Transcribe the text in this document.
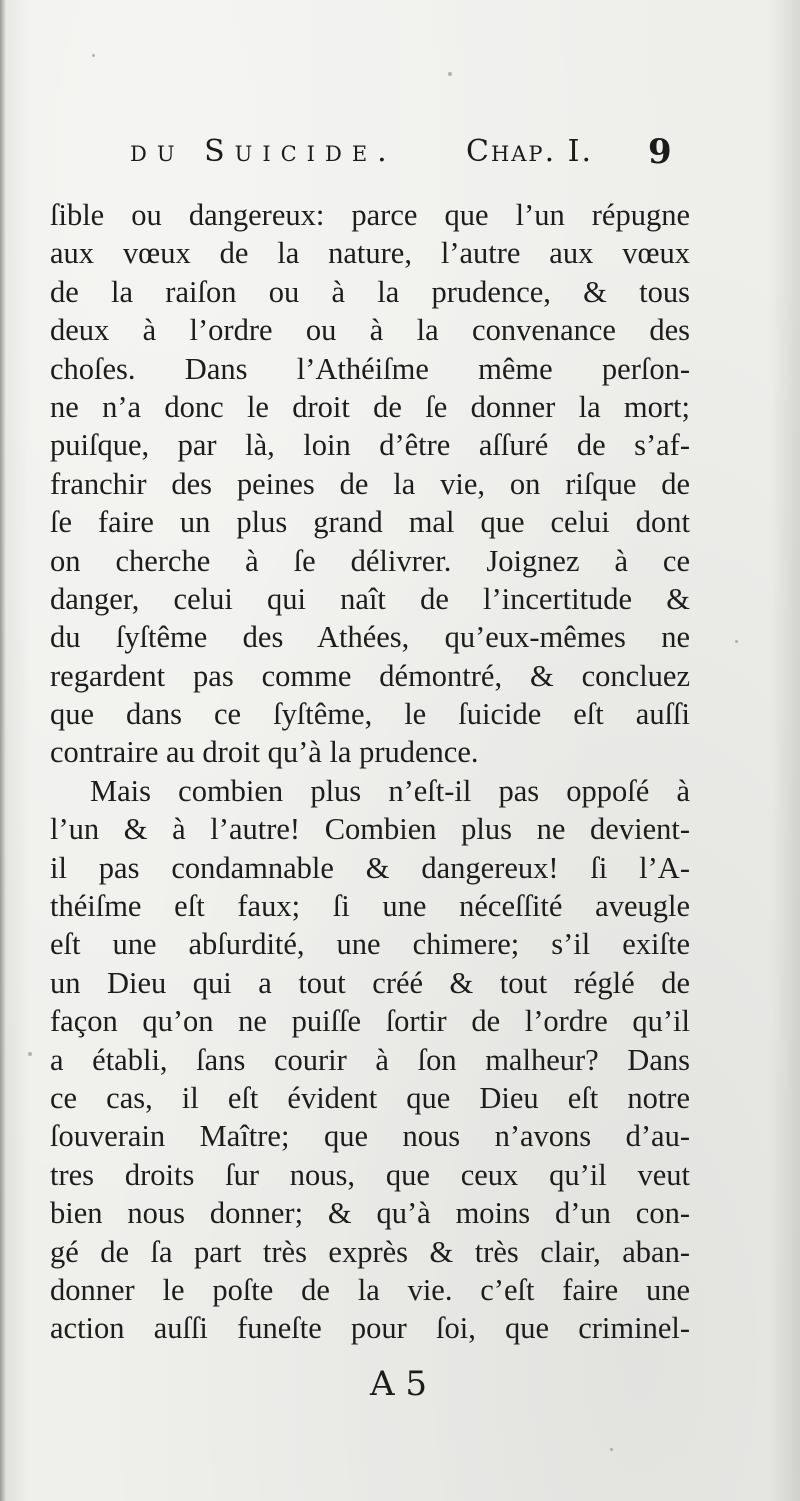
du Suicide. Chap. I. 9
ſible ou dangereux: parce que l’un répugne
aux vœux de la nature, l’autre aux vœux
de la raiſon ou à la prudence, & tous
deux à l’ordre ou à la convenance des
choſes. Dans l’Athéiſme même perſon-
ne n’a donc le droit de ſe donner la mort;
puiſque, par là, loin d’être aſſuré de s’af-
franchir des peines de la vie, on riſque de
ſe faire un plus grand mal que celui dont
on cherche à ſe délivrer. Joignez à ce
danger, celui qui naît de l’incertitude &
du ſyſtême des Athées, qu’eux-mêmes ne
regardent pas comme démontré, & concluez
que dans ce ſyſtême, le ſuicide eſt auſſi
contraire au droit qu’à la prudence.
Mais combien plus n’eſt-il pas oppoſé à
l’un & à l’autre! Combien plus ne devient-
il pas condamnable & dangereux! ſi l’A-
théiſme eſt faux; ſi une néceſſité aveugle
eſt une abſurdité, une chimere; s’il exiſte
un Dieu qui a tout créé & tout réglé de
façon qu’on ne puiſſe ſortir de l’ordre qu’il
a établi, ſans courir à ſon malheur? Dans
ce cas, il eſt évident que Dieu eſt notre
ſouverain Maître; que nous n’avons d’au-
tres droits ſur nous, que ceux qu’il veut
bien nous donner; & qu’à moins d’un con-
gé de ſa part très exprès & très clair, aban-
donner le poſte de la vie. c’eſt faire une
action auſſi funeſte pour ſoi, que criminel-
A 5
